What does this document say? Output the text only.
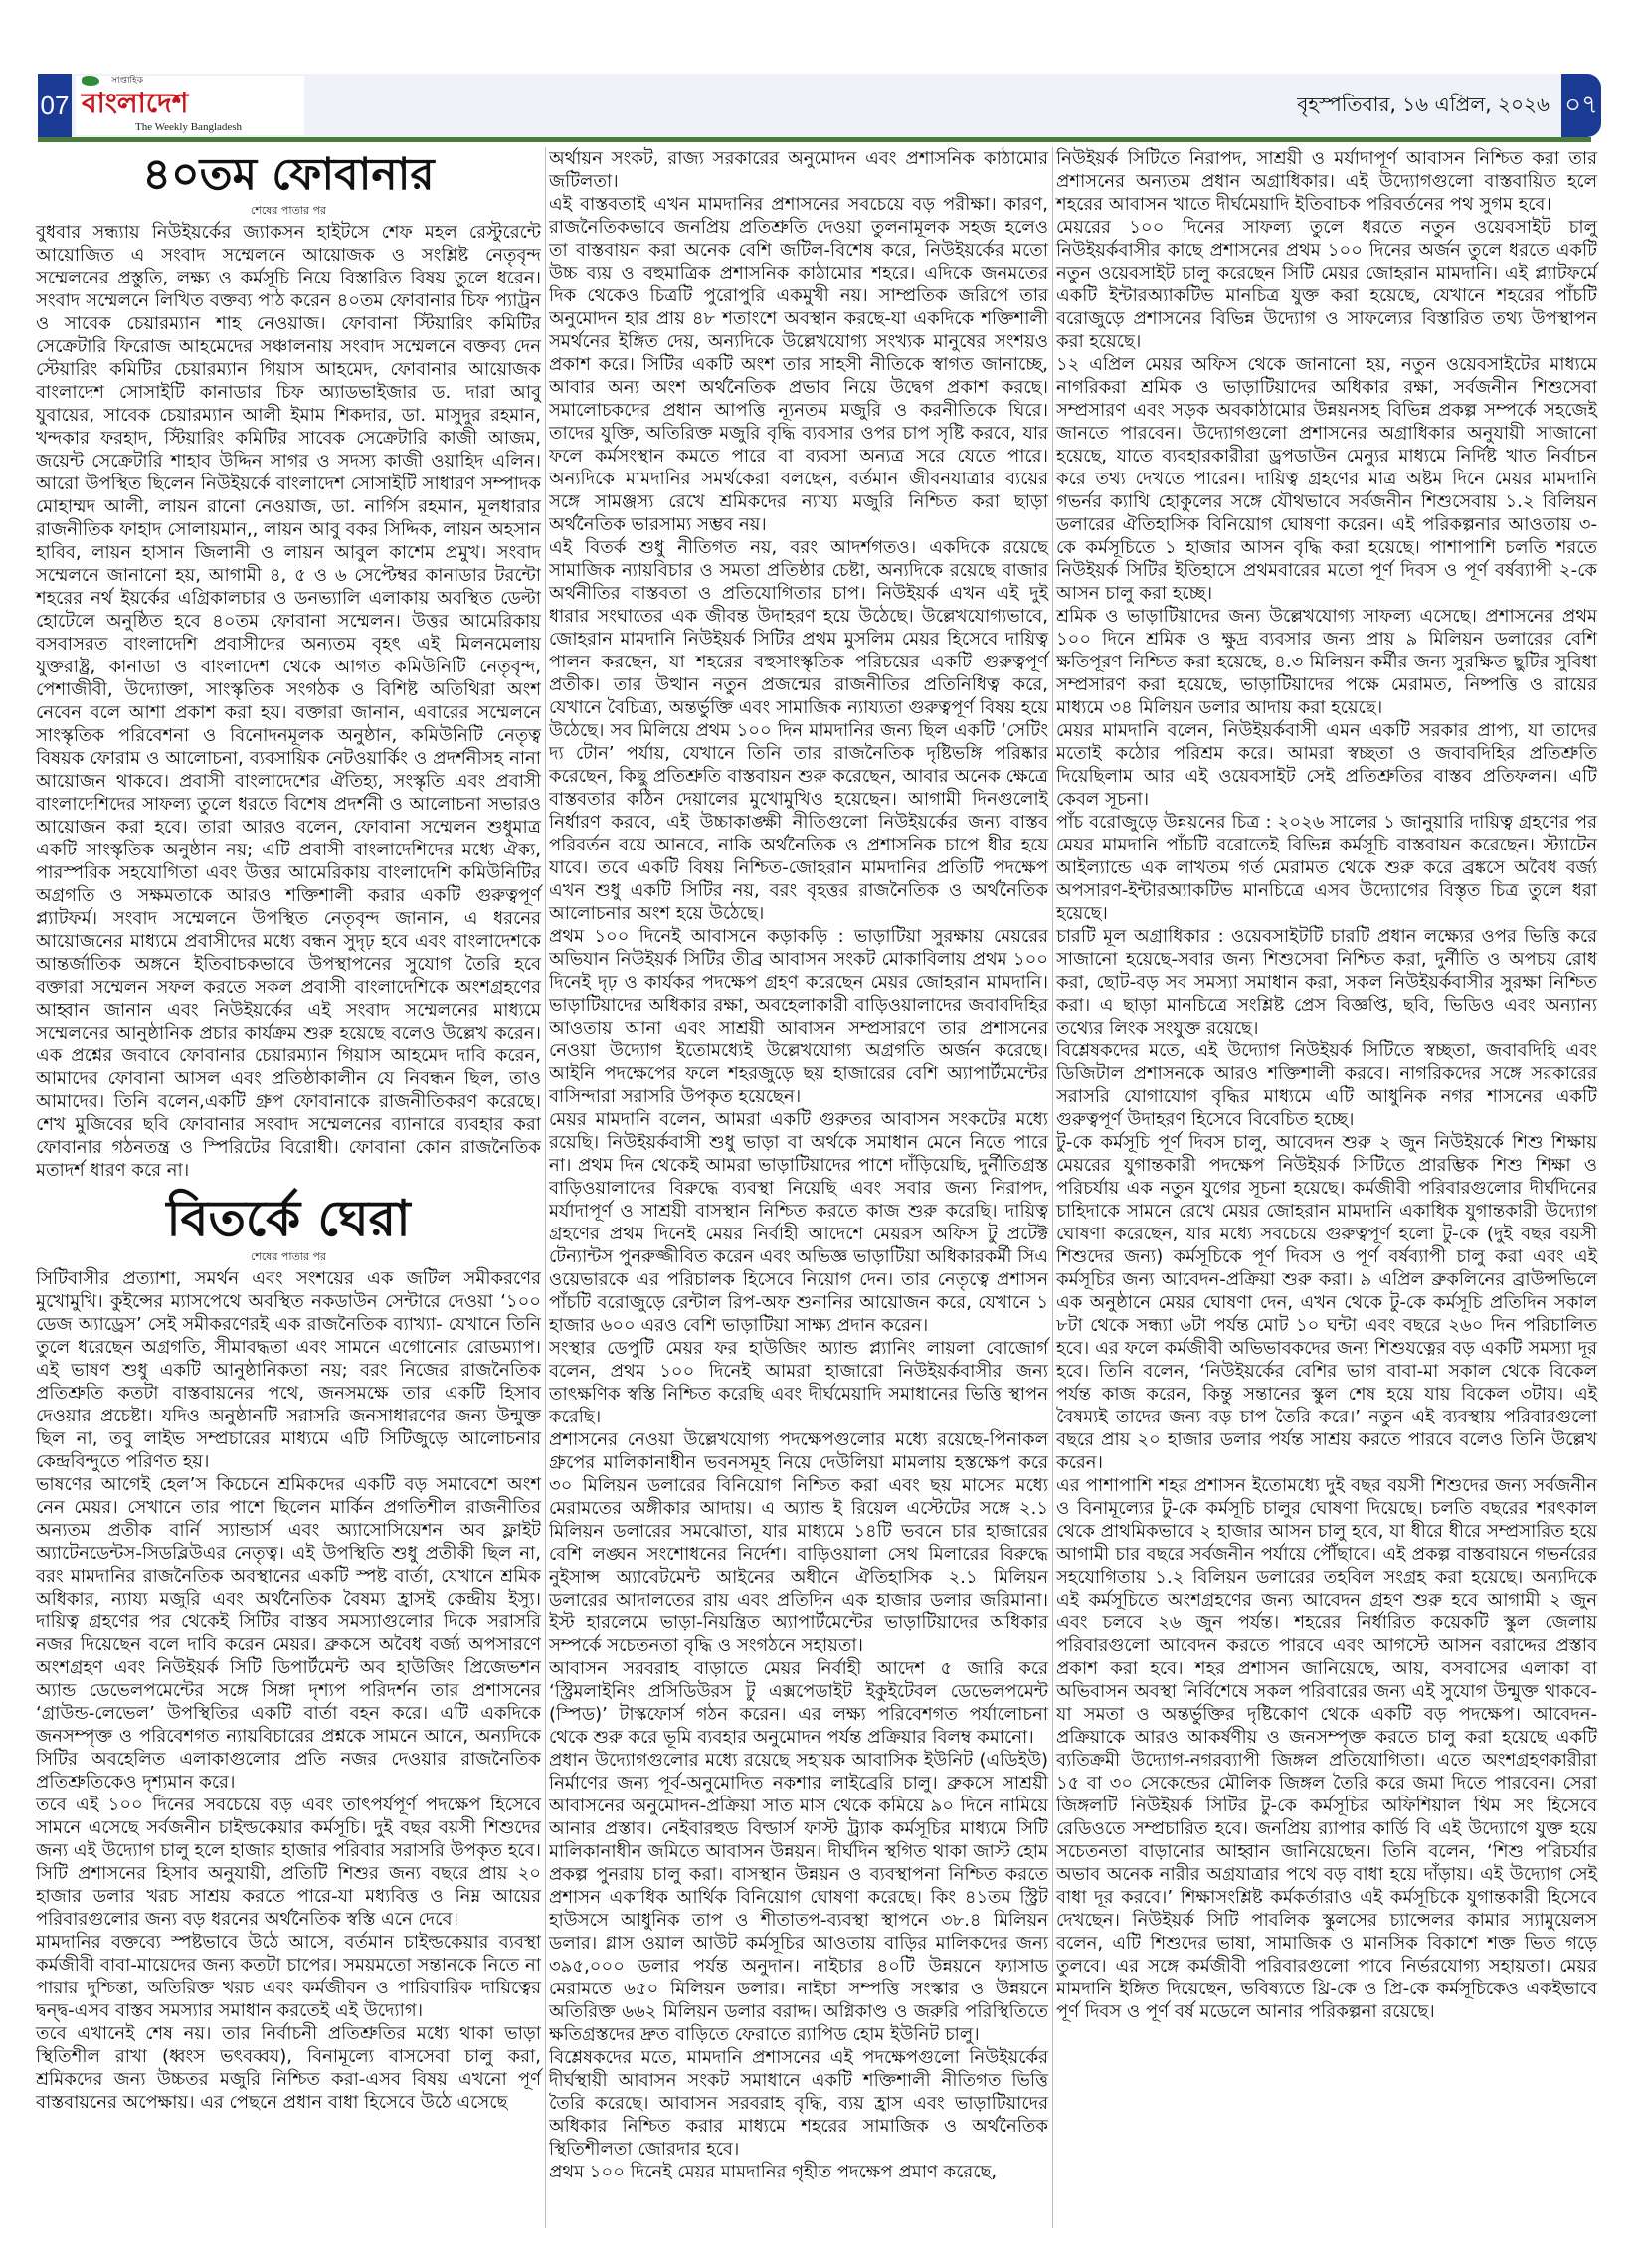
07
সাপ্তাহিক
বাংলাদেশ
The Weekly Bangladesh
বৃহস্পতিবার, ১৬ এপ্রিল, ২০২৬ ০৭
৪০তম ফোবানার
শেষের পাতার পর

বুধবার সন্ধ্যায় নিউইয়র্কের জ্যাকসন হাইটসে শেফ মহল রেস্টুরেন্টে আয়োজিত এ সংবাদ সম্মেলনে আয়োজক ও সংশ্লিষ্ট নেতৃবৃন্দ সম্মেলনের প্রস্তুতি, লক্ষ্য ও কর্মসূচি নিয়ে বিস্তারিত বিষয় তুলে ধরেন। সংবাদ সম্মেলনে লিখিত বক্তব্য পাঠ করেন ৪০তম ফোবানার চিফ প্যাট্রন ও সাবেক চেয়ারম্যান শাহ নেওয়াজ। ফোবানা স্টিয়ারিং কমিটির সেক্রেটারি ফিরোজ আহমেদের সঞ্চালনায় সংবাদ সম্মেলনে বক্তব্য দেন স্টেয়ারিং কমিটির চেয়ারম্যান গিয়াস আহমেদ, ফোবানার আয়োজক বাংলাদেশ সোসাইটি কানাডার চিফ অ্যাডভাইজার ড. দারা আবু যুবায়ের, সাবেক চেয়ারম্যান আলী ইমাম শিকদার, ডা. মাসুদুর রহমান, খন্দকার ফরহাদ, স্টিয়ারিং কমিটির সাবেক সেক্রেটারি কাজী আজম, জয়েন্ট সেক্রেটারি শাহাব উদ্দিন সাগর ও সদস্য কাজী ওয়াহিদ এলিন। আরো উপস্থিত ছিলেন নিউইয়র্কে বাংলাদেশ সোসাইটি সাধারণ সম্পাদক মোহাম্মদ আলী, লায়ন রানো নেওয়াজ, ডা. নার্গিস রহমান, মূলধারার রাজনীতিক ফাহাদ সোলায়মান,, লায়ন আবু বকর সিদ্দিক, লায়ন অহসান হাবিব, লায়ন হাসান জিলানী ও লায়ন আবুল কাশেম প্রমুখ। সংবাদ সম্মেলনে জানানো হয়, আগামী ৪, ৫ ও ৬ সেপ্টেম্বর কানাডার টরন্টো শহরের নর্থ ইয়র্কের এগ্রিকালচার ও ডনভ্যালি এলাকায় অবস্থিত ডেল্টা হোটেলে অনুষ্ঠিত হবে ৪০তম ফোবানা সম্মেলন। উত্তর আমেরিকায় বসবাসরত বাংলাদেশি প্রবাসীদের অন্যতম বৃহৎ এই মিলনমেলায় যুক্তরাষ্ট্র, কানাডা ও বাংলাদেশ থেকে আগত কমিউনিটি নেতৃবৃন্দ, পেশাজীবী, উদ্যোক্তা, সাংস্কৃতিক সংগঠক ও বিশিষ্ট অতিথিরা অংশ নেবেন বলে আশা প্রকাশ করা হয়। বক্তারা জানান, এবারের সম্মেলনে সাংস্কৃতিক পরিবেশনা ও বিনোদনমূলক অনুষ্ঠান, কমিউনিটি নেতৃত্ব বিষয়ক ফোরাম ও আলোচনা, ব্যবসায়িক নেটওয়ার্কিং ও প্রদর্শনীসহ নানা আয়োজন থাকবে। প্রবাসী বাংলাদেশের ঐতিহ্য, সংস্কৃতি এবং প্রবাসী বাংলাদেশিদের সাফল্য তুলে ধরতে বিশেষ প্রদর্শনী ও আলোচনা সভারও আয়োজন করা হবে। তারা আরও বলেন, ফোবানা সম্মেলন শুধুমাত্র একটি সাংস্কৃতিক অনুষ্ঠান নয়; এটি প্রবাসী বাংলাদেশিদের মধ্যে ঐক্য, পারস্পরিক সহযোগিতা এবং উত্তর আমেরিকায় বাংলাদেশি কমিউনিটির অগ্রগতি ও সক্ষমতাকে আরও শক্তিশালী করার একটি গুরুত্বপূর্ণ প্ল্যাটফর্ম। সংবাদ সম্মেলনে উপস্থিত নেতৃবৃন্দ জানান, এ ধরনের আয়োজনের মাধ্যমে প্রবাসীদের মধ্যে বন্ধন সুদৃঢ় হবে এবং বাংলাদেশকে আন্তর্জাতিক অঙ্গনে ইতিবাচকভাবে উপস্থাপনের সুযোগ তৈরি হবে বক্তারা সম্মেলন সফল করতে সকল প্রবাসী বাংলাদেশিকে অংশগ্রহণের আহ্বান জানান এবং নিউইয়র্কের এই সংবাদ সম্মেলনের মাধ্যমে সম্মেলনের আনুষ্ঠানিক প্রচার কার্যক্রম শুরু হয়েছে বলেও উল্লেখ করেন।এক প্রশ্নের জবাবে ফোবানার চেয়ারম্যান গিয়াস আহমেদ দাবি করেন, আমাদের ফোবানা আসল এবং প্রতিষ্ঠাকালীন যে নিবন্ধন ছিল, তাও আমাদের। তিনি বলেন,একটি গ্রুপ ফোবানাকে রাজনীতিকরণ করেছে। শেখ মুজিবের ছবি ফোবানার সংবাদ সম্মেলনের ব্যানারে ব্যবহার করা ফোবানার গঠনতন্ত্র ও স্পিরিটের বিরোধী। ফোবানা কোন রাজনৈতিক মতাদর্শ ধারণ করে না।

বিতর্কে ঘেরা
শেষের পাতার পর

সিটিবাসীর প্রত্যাশা, সমর্থন এবং সংশয়ের এক জটিল সমীকরণের মুখোমুখি। কুইন্সের ম্যাসপেথে অবস্থিত নকডাউন সেন্টারে দেওয়া ‘১০০ ডেজ অ্যাড্রেস’ সেই সমীকরণেরই এক রাজনৈতিক ব্যাখ্যা- যেখানে তিনি তুলে ধরেছেন অগ্রগতি, সীমাবদ্ধতা এবং সামনে এগোনোর রোডম্যাপ। এই ভাষণ শুধু একটি আনুষ্ঠানিকতা নয়; বরং নিজের রাজনৈতিক প্রতিশ্রুতি কতটা বাস্তবায়নের পথে, জনসমক্ষে তার একটি হিসাব দেওয়ার প্রচেষ্টা। যদিও অনুষ্ঠানটি সরাসরি জনসাধারণের জন্য উন্মুক্ত ছিল না, তবু লাইভ সম্প্রচারের মাধ্যমে এটি সিটিজুড়ে আলোচনার কেন্দ্রবিন্দুতে পরিণত হয়।

ভাষণের আগেই হেল’স কিচেনে শ্রমিকদের একটি বড় সমাবেশে অংশ নেন মেয়র। সেখানে তার পাশে ছিলেন মার্কিন প্রগতিশীল রাজনীতির অন্যতম প্রতীক বার্নি স্যান্ডার্স এবং অ্যাসোসিয়েশন অব ফ্লাইট অ্যাটেনডেন্টস-সিডব্লিউএর নেতৃত্ব। এই উপস্থিতি শুধু প্রতীকী ছিল না, বরং মামদানির রাজনৈতিক অবস্থানের একটি স্পষ্ট বার্তা, যেখানে শ্রমিক অধিকার, ন্যায্য মজুরি এবং অর্থনৈতিক বৈষম্য হ্রাসই কেন্দ্রীয় ইস্যু। দায়িত্ব গ্রহণের পর থেকেই সিটির বাস্তব সমস্যাগুলোর দিকে সরাসরি নজর দিয়েছেন বলে দাবি করেন মেয়র। ব্রুকসে অবৈধ বর্জ্য অপসারণে অংশগ্রহণ এবং নিউইয়র্ক সিটি ডিপার্টমেন্ট অব হাউজিং প্রিজেভশন অ্যান্ড ডেভেলপমেন্টের সঙ্গে সিঙ্গা দৃশ্যপ পরিদর্শন তার প্রশাসনের ‘গ্রাউন্ড-লেভেল’ উপস্থিতির একটি বার্তা বহন করে। এটি একদিকে জনসম্পৃক্ত ও পরিবেশগত ন্যায়বিচারের প্রশ্নকে সামনে আনে, অন্যদিকে সিটির অবহেলিত এলাকাগুলোর প্রতি নজর দেওয়ার রাজনৈতিক প্রতিশ্রুতিকেও দৃশ্যমান করে।

তবে এই ১০০ দিনের সবচেয়ে বড় এবং তাৎপর্যপূর্ণ পদক্ষেপ হিসেবে সামনে এসেছে সর্বজনীন চাইল্ডকেয়ার কর্মসূচি। দুই বছর বয়সী শিশুদের জন্য এই উদ্যোগ চালু হলে হাজার হাজার পরিবার সরাসরি উপকৃত হবে। সিটি প্রশাসনের হিসাব অনুযায়ী, প্রতিটি শিশুর জন্য বছরে প্রায় ২০ হাজার ডলার খরচ সাশ্রয় করতে পারে-যা মধ্যবিত্ত ও নিম্ন আয়ের পরিবারগুলোর জন্য বড় ধরনের অর্থনৈতিক স্বস্তি এনে দেবে।

মামদানির বক্তব্যে স্পষ্টভাবে উঠে আসে, বর্তমান চাইল্ডকেয়ার ব্যবস্থা কর্মজীবী বাবা-মায়েদের জন্য কতটা চাপের। সময়মতো সন্তানকে নিতে না পারার দুশ্চিন্তা, অতিরিক্ত খরচ এবং কর্মজীবন ও পারিবারিক দায়িত্বের দ্বন্দ্ব-এসব বাস্তব সমস্যার সমাধান করতেই এই উদ্যোগ।

তবে এখানেই শেষ নয়। তার নির্বাচনী প্রতিশ্রুতির মধ্যে থাকা ভাড়া স্থিতিশীল রাখা (ধ্বংস ভৎবব্বয), বিনামূল্যে বাসসেবা চালু করা, শ্রমিকদের জন্য উচ্চতর মজুরি নিশ্চিত করা-এসব বিষয় এখনো পূর্ণ বাস্তবায়নের অপেক্ষায়। এর পেছনে প্রধান বাধা হিসেবে উঠে এসেছে

অর্থায়ন সংকট, রাজ্য সরকারের অনুমোদন এবং প্রশাসনিক কাঠামোর জটিলতা।

এই বাস্তবতাই এখন মামদানির প্রশাসনের সবচেয়ে বড় পরীক্ষা। কারণ, রাজনৈতিকভাবে জনপ্রিয় প্রতিশ্রুতি দেওয়া তুলনামূলক সহজ হলেও তা বাস্তবায়ন করা অনেক বেশি জটিল-বিশেষ করে, নিউইয়র্কের মতো উচ্চ ব্যয় ও বহুমাত্রিক প্রশাসনিক কাঠামোর শহরে। এদিকে জনমতের দিক থেকেও চিত্রটি পুরোপুরি একমুখী নয়। সাম্প্রতিক জরিপে তার অনুমোদন হার প্রায় ৪৮ শতাংশে অবস্থান করছে-যা একদিকে শক্তিশালী সমর্থনের ইঙ্গিত দেয়, অন্যদিকে উল্লেখযোগ্য সংখ্যক মানুষের সংশয়ও প্রকাশ করে। সিটির একটি অংশ তার সাহসী নীতিকে স্বাগত জানাচ্ছে, আবার অন্য অংশ অর্থনৈতিক প্রভাব নিয়ে উদ্বেগ প্রকাশ করছে। সমালোচকদের প্রধান আপত্তি ন্যূনতম মজুরি ও করনীতিকে ঘিরে। তাদের যুক্তি, অতিরিক্ত মজুরি বৃদ্ধি ব্যবসার ওপর চাপ সৃষ্টি করবে, যার ফলে কর্মসংস্থান কমতে পারে বা ব্যবসা অন্যত্র সরে যেতে পারে। অন্যদিকে মামদানির সমর্থকেরা বলছেন, বর্তমান জীবনযাত্রার ব্যয়ের সঙ্গে সামঞ্জস্য রেখে শ্রমিকদের ন্যায্য মজুরি নিশ্চিত করা ছাড়া অর্থনৈতিক ভারসাম্য সম্ভব নয়।

এই বিতর্ক শুধু নীতিগত নয়, বরং আদর্শগতও। একদিকে রয়েছে সামাজিক ন্যায়বিচার ও সমতা প্রতিষ্ঠার চেষ্টা, অন্যদিকে রয়েছে বাজার অর্থনীতির বাস্তবতা ও প্রতিযোগিতার চাপ। নিউইয়র্ক এখন এই দুই ধারার সংঘাতের এক জীবন্ত উদাহরণ হয়ে উঠেছে। উল্লেখযোগ্যভাবে, জোহরান মামদানি নিউইয়র্ক সিটির প্রথম মুসলিম মেয়র হিসেবে দায়িত্ব পালন করছেন, যা শহরের বহুসাংস্কৃতিক পরিচয়ের একটি গুরুত্বপূর্ণ প্রতীক। তার উত্থান নতুন প্রজন্মের রাজনীতির প্রতিনিধিত্ব করে, যেখানে বৈচিত্র্য, অন্তর্ভুক্তি এবং সামাজিক ন্যায্যতা গুরুত্বপূর্ণ বিষয় হয়ে উঠেছে। সব মিলিয়ে প্রথম ১০০ দিন মামদানির জন্য ছিল একটি ‘সেটিং দ্য টোন’ পর্যায়, যেখানে তিনি তার রাজনৈতিক দৃষ্টিভঙ্গি পরিষ্কার করেছেন, কিছু প্রতিশ্রুতি বাস্তবায়ন শুরু করেছেন, আবার অনেক ক্ষেত্রে বাস্তবতার কঠিন দেয়ালের মুখোমুখিও হয়েছেন। আগামী দিনগুলোই নির্ধারণ করবে, এই উচ্চাকাঙ্ক্ষী নীতিগুলো নিউইয়র্কের জন্য বাস্তব পরিবর্তন বয়ে আনবে, নাকি অর্থনৈতিক ও প্রশাসনিক চাপে ধীর হয়ে যাবে। তবে একটি বিষয় নিশ্চিত-জোহরান মামদানির প্রতিটি পদক্ষেপ এখন শুধু একটি সিটির নয়, বরং বৃহত্তর রাজনৈতিক ও অর্থনৈতিক আলোচনার অংশ হয়ে উঠেছে।

প্রথম ১০০ দিনেই আবাসনে কড়াকড়ি : ভাড়াটিয়া সুরক্ষায় মেয়রের অভিযান নিউইয়র্ক সিটির তীব্র আবাসন সংকট মোকাবিলায় প্রথম ১০০ দিনেই দৃঢ় ও কার্যকর পদক্ষেপ গ্রহণ করেছেন মেয়র জোহরান মামদানি। ভাড়াটিয়াদের অধিকার রক্ষা, অবহেলাকারী বাড়িওয়ালাদের জবাবদিহির আওতায় আনা এবং সাশ্রয়ী আবাসন সম্প্রসারণে তার প্রশাসনের নেওয়া উদ্যোগ ইতোমধ্যেই উল্লেখযোগ্য অগ্রগতি অর্জন করেছে। আইনি পদক্ষেপের ফলে শহরজুড়ে ছয় হাজারের বেশি অ্যাপার্টমেন্টের বাসিন্দারা সরাসরি উপকৃত হয়েছেন।

মেয়র মামদানি বলেন, আমরা একটি গুরুতর আবাসন সংকটের মধ্যে রয়েছি। নিউইয়র্কবাসী শুধু ভাড়া বা অর্থকে সমাধান মেনে নিতে পারে না। প্রথম দিন থেকেই আমরা ভাড়াটিয়াদের পাশে দাঁড়িয়েছি, দুর্নীতিগ্রস্ত বাড়িওয়ালাদের বিরুদ্ধে ব্যবস্থা নিয়েছি এবং সবার জন্য নিরাপদ, মর্যাদাপূর্ণ ও সাশ্রয়ী বাসস্থান নিশ্চিত করতে কাজ শুরু করেছি। দায়িত্ব গ্রহণের প্রথম দিনেই মেয়র নির্বাহী আদেশে মেয়রস অফিস টু প্রটেক্ট টেন্যান্টস পুনরুজ্জীবিত করেন এবং অভিজ্ঞ ভাড়াটিয়া অধিকারকর্মী সিএ ওয়েভারকে এর পরিচালক হিসেবে নিয়োগ দেন। তার নেতৃত্বে প্রশাসন পাঁচটি বরোজুড়ে রেন্টাল রিপ-অফ শুনানির আয়োজন করে, যেখানে ১ হাজার ৬০০ এরও বেশি ভাড়াটিয়া সাক্ষ্য প্রদান করেন।

সংস্থার ডেপুটি মেয়র ফর হাউজিং অ্যান্ড প্ল্যানিং লায়লা বোজোর্গ বলেন, প্রথম ১০০ দিনেই আমরা হাজারো নিউইয়র্কবাসীর জন্য তাৎক্ষণিক স্বস্তি নিশ্চিত করেছি এবং দীর্ঘমেয়াদি সমাধানের ভিত্তি স্থাপন করেছি।

প্রশাসনের নেওয়া উল্লেখযোগ্য পদক্ষেপগুলোর মধ্যে রয়েছে-পিনাকল গ্রুপের মালিকানাধীন ভবনসমূহ নিয়ে দেউলিয়া মামলায় হস্তক্ষেপ করে ৩০ মিলিয়ন ডলারের বিনিয়োগ নিশ্চিত করা এবং ছয় মাসের মধ্যে মেরামতের অঙ্গীকার আদায়। এ অ্যান্ড ই রিয়েল এস্টেটের সঙ্গে ২.১ মিলিয়ন ডলারের সমঝোতা, যার মাধ্যমে ১৪টি ভবনে চার হাজারের বেশি লঙ্ঘন সংশোধনের নির্দেশ। বাড়িওয়ালা সেথ মিলারের বিরুদ্ধে নুইসান্স অ্যাবেটমেন্ট আইনের অধীনে ঐতিহাসিক ২.১ মিলিয়ন ডলারের আদালতের রায় এবং প্রতিদিন এক হাজার ডলার জরিমানা। ইস্ট হারলেমে ভাড়া-নিয়ন্ত্রিত অ্যাপার্টমেন্টের ভাড়াটিয়াদের অধিকার সম্পর্কে সচেতনতা বৃদ্ধি ও সংগঠনে সহায়তা।

আবাসন সরবরাহ বাড়াতে মেয়র নির্বাহী আদেশ ৫ জারি করে ‘স্ট্রিমলাইনিং প্রসিডিউরস টু এক্সপেডাইট ইকুইটেবল ডেভেলপমেন্ট (স্পিড)’ টাস্কফোর্স গঠন করেন। এর লক্ষ্য পরিবেশগত পর্যালোচনা থেকে শুরু করে ভূমি ব্যবহার অনুমোদন পর্যন্ত প্রক্রিয়ার বিলম্ব কমানো।

প্রধান উদ্যোগগুলোর মধ্যে রয়েছে সহায়ক আবাসিক ইউনিট (এডিইউ) নির্মাণের জন্য পূর্ব-অনুমোদিত নকশার লাইব্রেরি চালু। ব্রুকসে সাশ্রয়ী আবাসনের অনুমোদন-প্রক্রিয়া সাত মাস থেকে কমিয়ে ৯০ দিনে নামিয়ে আনার প্রস্তাব। নেইবারহুড বিল্ডার্স ফাস্ট ট্র্যাক কর্মসূচির মাধ্যমে সিটি মালিকানাধীন জমিতে আবাসন উন্নয়ন। দীর্ঘদিন স্থগিত থাকা জাস্ট হোম প্রকল্প পুনরায় চালু করা। বাসস্থান উন্নয়ন ও ব্যবস্থাপনা নিশ্চিত করতে প্রশাসন একাধিক আর্থিক বিনিয়োগ ঘোষণা করেছে। কিং ৪১তম স্ট্রিট হাউসসে আধুনিক তাপ ও শীতাতপ-ব্যবস্থা স্থাপনে ৩৮.৪ মিলিয়ন ডলার। গ্লাস ওয়াল আউট কর্মসূচির আওতায় বাড়ির মালিকদের জন্য ৩৯৫,০০০ ডলার পর্যন্ত অনুদান। নাইচার ৪০টি উন্নয়নে ফ্যাসাড মেরামতে ৬৫০ মিলিয়ন ডলার। নাইচা সম্পত্তি সংস্কার ও উন্নয়নে অতিরিক্ত ৬৬২ মিলিয়ন ডলার বরাদ্দ। অগ্নিকাণ্ড ও জরুরি পরিস্থিতিতে ক্ষতিগ্রস্তদের দ্রুত বাড়িতে ফেরাতে র‍্যাপিড হোম ইউনিট চালু।

বিশ্লেষকদের মতে, মামদানি প্রশাসনের এই পদক্ষেপগুলো নিউইয়র্কের দীর্ঘস্থায়ী আবাসন সংকট সমাধানে একটি শক্তিশালী নীতিগত ভিত্তি তৈরি করেছে। আবাসন সরবরাহ বৃদ্ধি, ব্যয় হ্রাস এবং ভাড়াটিয়াদের অধিকার নিশ্চিত করার মাধ্যমে শহরের সামাজিক ও অর্থনৈতিক স্থিতিশীলতা জোরদার হবে।

প্রথম ১০০ দিনেই মেয়র মামদানির গৃহীত পদক্ষেপ প্রমাণ করেছে,

নিউইয়র্ক সিটিতে নিরাপদ, সাশ্রয়ী ও মর্যাদাপূর্ণ আবাসন নিশ্চিত করা তার প্রশাসনের অন্যতম প্রধান অগ্রাধিকার। এই উদ্যোগগুলো বাস্তবায়িত হলে শহরের আবাসন খাতে দীর্ঘমেয়াদি ইতিবাচক পরিবর্তনের পথ সুগম হবে।

মেয়রের ১০০ দিনের সাফল্য তুলে ধরতে নতুন ওয়েবসাইট চালু নিউইয়র্কবাসীর কাছে প্রশাসনের প্রথম ১০০ দিনের অর্জন তুলে ধরতে একটি নতুন ওয়েবসাইট চালু করেছেন সিটি মেয়র জোহরান মামদানি। এই প্ল্যাটফর্মে একটি ইন্টারঅ্যাকটিভ মানচিত্র যুক্ত করা হয়েছে, যেখানে শহরের পাঁচটি বরোজুড়ে প্রশাসনের বিভিন্ন উদ্যোগ ও সাফল্যের বিস্তারিত তথ্য উপস্থাপন করা হয়েছে।

১২ এপ্রিল মেয়র অফিস থেকে জানানো হয়, নতুন ওয়েবসাইটের মাধ্যমে নাগরিকরা শ্রমিক ও ভাড়াটিয়াদের অধিকার রক্ষা, সর্বজনীন শিশুসেবা সম্প্রসারণ এবং সড়ক অবকাঠামোর উন্নয়নসহ বিভিন্ন প্রকল্প সম্পর্কে সহজেই জানতে পারবেন। উদ্যোগগুলো প্রশাসনের অগ্রাধিকার অনুযায়ী সাজানো হয়েছে, যাতে ব্যবহারকারীরা ড্রপডাউন মেন্যুর মাধ্যমে নির্দিষ্ট খাত নির্বাচন করে তথ্য দেখতে পারেন। দায়িত্ব গ্রহণের মাত্র অষ্টম দিনে মেয়র মামদানি গভর্নর ক্যাথি হোকুলের সঙ্গে যৌথভাবে সর্বজনীন শিশুসেবায় ১.২ বিলিয়ন ডলারের ঐতিহাসিক বিনিয়োগ ঘোষণা করেন। এই পরিকল্পনার আওতায় ৩-কে কর্মসূচিতে ১ হাজার আসন বৃদ্ধি করা হয়েছে। পাশাপাশি চলতি শরতে নিউইয়র্ক সিটির ইতিহাসে প্রথমবারের মতো পূর্ণ দিবস ও পূর্ণ বর্ষব্যাপী ২-কে আসন চালু করা হচ্ছে।

শ্রমিক ও ভাড়াটিয়াদের জন্য উল্লেখযোগ্য সাফল্য এসেছে। প্রশাসনের প্রথম ১০০ দিনে শ্রমিক ও ক্ষুদ্র ব্যবসার জন্য প্রায় ৯ মিলিয়ন ডলারের বেশি ক্ষতিপূরণ নিশ্চিত করা হয়েছে, ৪.৩ মিলিয়ন কর্মীর জন্য সুরক্ষিত ছুটির সুবিধা সম্প্রসারণ করা হয়েছে, ভাড়াটিয়াদের পক্ষে মেরামত, নিষ্পত্তি ও রায়ের মাধ্যমে ৩৪ মিলিয়ন ডলার আদায় করা হয়েছে।

মেয়র মামদানি বলেন, নিউইয়র্কবাসী এমন একটি সরকার প্রাপ্য, যা তাদের মতোই কঠোর পরিশ্রম করে। আমরা স্বচ্ছতা ও জবাবদিহির প্রতিশ্রুতি দিয়েছিলাম আর এই ওয়েবসাইট সেই প্রতিশ্রুতির বাস্তব প্রতিফলন। এটি কেবল সূচনা।

পাঁচ বরোজুড়ে উন্নয়নের চিত্র : ২০২৬ সালের ১ জানুয়ারি দায়িত্ব গ্রহণের পর মেয়র মামদানি পাঁচটি বরোতেই বিভিন্ন কর্মসূচি বাস্তবায়ন করেছেন। স্ট্যাটেন আইল্যান্ডে এক লাখতম গর্ত মেরামত থেকে শুরু করে ব্রঙ্কসে অবৈধ বর্জ্য অপসারণ-ইন্টারঅ্যাকটিভ মানচিত্রে এসব উদ্যোগের বিস্তৃত চিত্র তুলে ধরা হয়েছে।

চারটি মূল অগ্রাধিকার : ওয়েবসাইটটি চারটি প্রধান লক্ষ্যের ওপর ভিত্তি করে সাজানো হয়েছে-সবার জন্য শিশুসেবা নিশ্চিত করা, দুর্নীতি ও অপচয় রোধ করা, ছোট-বড় সব সমস্যা সমাধান করা, সকল নিউইয়র্কবাসীর সুরক্ষা নিশ্চিত করা। এ ছাড়া মানচিত্রে সংশ্লিষ্ট প্রেস বিজ্ঞপ্তি, ছবি, ভিডিও এবং অন্যান্য তথ্যের লিংক সংযুক্ত রয়েছে।

বিশ্লেষকদের মতে, এই উদ্যোগ নিউইয়র্ক সিটিতে স্বচ্ছতা, জবাবদিহি এবং ডিজিটাল প্রশাসনকে আরও শক্তিশালী করবে। নাগরিকদের সঙ্গে সরকারের সরাসরি যোগাযোগ বৃদ্ধির মাধ্যমে এটি আধুনিক নগর শাসনের একটি গুরুত্বপূর্ণ উদাহরণ হিসেবে বিবেচিত হচ্ছে।

টু-কে কর্মসূচি পূর্ণ দিবস চালু, আবেদন শুরু ২ জুন নিউইয়র্কে শিশু শিক্ষায় মেয়রের যুগান্তকারী পদক্ষেপ নিউইয়র্ক সিটিতে প্রারম্ভিক শিশু শিক্ষা ও পরিচর্যায় এক নতুন যুগের সূচনা হয়েছে। কর্মজীবী পরিবারগুলোর দীর্ঘদিনের চাহিদাকে সামনে রেখে মেয়র জোহরান মামদানি একাধিক যুগান্তকারী উদ্যোগ ঘোষণা করেছেন, যার মধ্যে সবচেয়ে গুরুত্বপূর্ণ হলো টু-কে (দুই বছর বয়সী শিশুদের জন্য) কর্মসূচিকে পূর্ণ দিবস ও পূর্ণ বর্ষব্যাপী চালু করা এবং এই কর্মসূচির জন্য আবেদন-প্রক্রিয়া শুরু করা। ৯ এপ্রিল ব্রুকলিনের ব্রাউন্সভিলে এক অনুষ্ঠানে মেয়র ঘোষণা দেন, এখন থেকে টু-কে কর্মসূচি প্রতিদিন সকাল ৮টা থেকে সন্ধ্যা ৬টা পর্যন্ত মোট ১০ ঘন্টা এবং বছরে ২৬০ দিন পরিচালিত হবে। এর ফলে কর্মজীবী অভিভাবকদের জন্য শিশুযত্নের বড় একটি সমস্যা দূর হবে। তিনি বলেন, ‘নিউইয়র্কের বেশির ভাগ বাবা-মা সকাল থেকে বিকেল পর্যন্ত কাজ করেন, কিন্তু সন্তানের স্কুল শেষ হয়ে যায় বিকেল ৩টায়। এই বৈষম্যই তাদের জন্য বড় চাপ তৈরি করে।’ নতুন এই ব্যবস্থায় পরিবারগুলো বছরে প্রায় ২০ হাজার ডলার পর্যন্ত সাশ্রয় করতে পারবে বলেও তিনি উল্লেখ করেন।

এর পাশাপাশি শহর প্রশাসন ইতোমধ্যে দুই বছর বয়সী শিশুদের জন্য সর্বজনীন ও বিনামূল্যের টু-কে কর্মসূচি চালুর ঘোষণা দিয়েছে। চলতি বছরের শরৎকাল থেকে প্রাথমিকভাবে ২ হাজার আসন চালু হবে, যা ধীরে ধীরে সম্প্রসারিত হয়ে আগামী চার বছরে সর্বজনীন পর্যায়ে পৌঁছাবে। এই প্রকল্প বাস্তবায়নে গভর্নরের সহযোগিতায় ১.২ বিলিয়ন ডলারের তহবিল সংগ্রহ করা হয়েছে। অন্যদিকে এই কর্মসূচিতে অংশগ্রহণের জন্য আবেদন গ্রহণ শুরু হবে আগামী ২ জুন এবং চলবে ২৬ জুন পর্যন্ত। শহরের নির্ধারিত কয়েকটি স্কুল জেলায় পরিবারগুলো আবেদন করতে পারবে এবং আগস্টে আসন বরাদ্দের প্রস্তাব প্রকাশ করা হবে। শহর প্রশাসন জানিয়েছে, আয়, বসবাসের এলাকা বা অভিবাসন অবস্থা নির্বিশেষে সকল পরিবারের জন্য এই সুযোগ উন্মুক্ত থাকবে- যা সমতা ও অন্তর্ভুক্তির দৃষ্টিকোণ থেকে একটি বড় পদক্ষেপ। আবেদন-প্রক্রিয়াকে আরও আকর্ষণীয় ও জনসম্পৃক্ত করতে চালু করা হয়েছে একটি ব্যতিক্রমী উদ্যোগ-নগরব্যাপী জিঙ্গল প্রতিযোগিতা। এতে অংশগ্রহণকারীরা ১৫ বা ৩০ সেকেন্ডের মৌলিক জিঙ্গল তৈরি করে জমা দিতে পারবেন। সেরা জিঙ্গলটি নিউইয়র্ক সিটির টু-কে কর্মসূচির অফিশিয়াল থিম সং হিসেবে রেডিওতে সম্প্রচারিত হবে। জনপ্রিয় র‍্যাপার কার্ডি বি এই উদ্যোগে যুক্ত হয়ে সচেতনতা বাড়ানোর আহ্বান জানিয়েছেন। তিনি বলেন, ‘শিশু পরিচর্যার অভাব অনেক নারীর অগ্রযাত্রার পথে বড় বাধা হয়ে দাঁড়ায়। এই উদ্যোগ সেই বাধা দূর করবে।’ শিক্ষাসংশ্লিষ্ট কর্মকর্তারাও এই কর্মসূচিকে যুগান্তকারী হিসেবে দেখছেন। নিউইয়র্ক সিটি পাবলিক স্কুলসের চ্যান্সেলর কামার স্যামুয়েলস বলেন, এটি শিশুদের ভাষা, সামাজিক ও মানসিক বিকাশে শক্ত ভিত গড়ে তুলবে। এর সঙ্গে কর্মজীবী পরিবারগুলো পাবে নির্ভরযোগ্য সহায়তা। মেয়র মামদানি ইঙ্গিত দিয়েছেন, ভবিষ্যতে থ্রি-কে ও প্রি-কে কর্মসূচিকেও একইভাবে পূর্ণ দিবস ও পূর্ণ বর্ষ মডেলে আনার পরিকল্পনা রয়েছে।
